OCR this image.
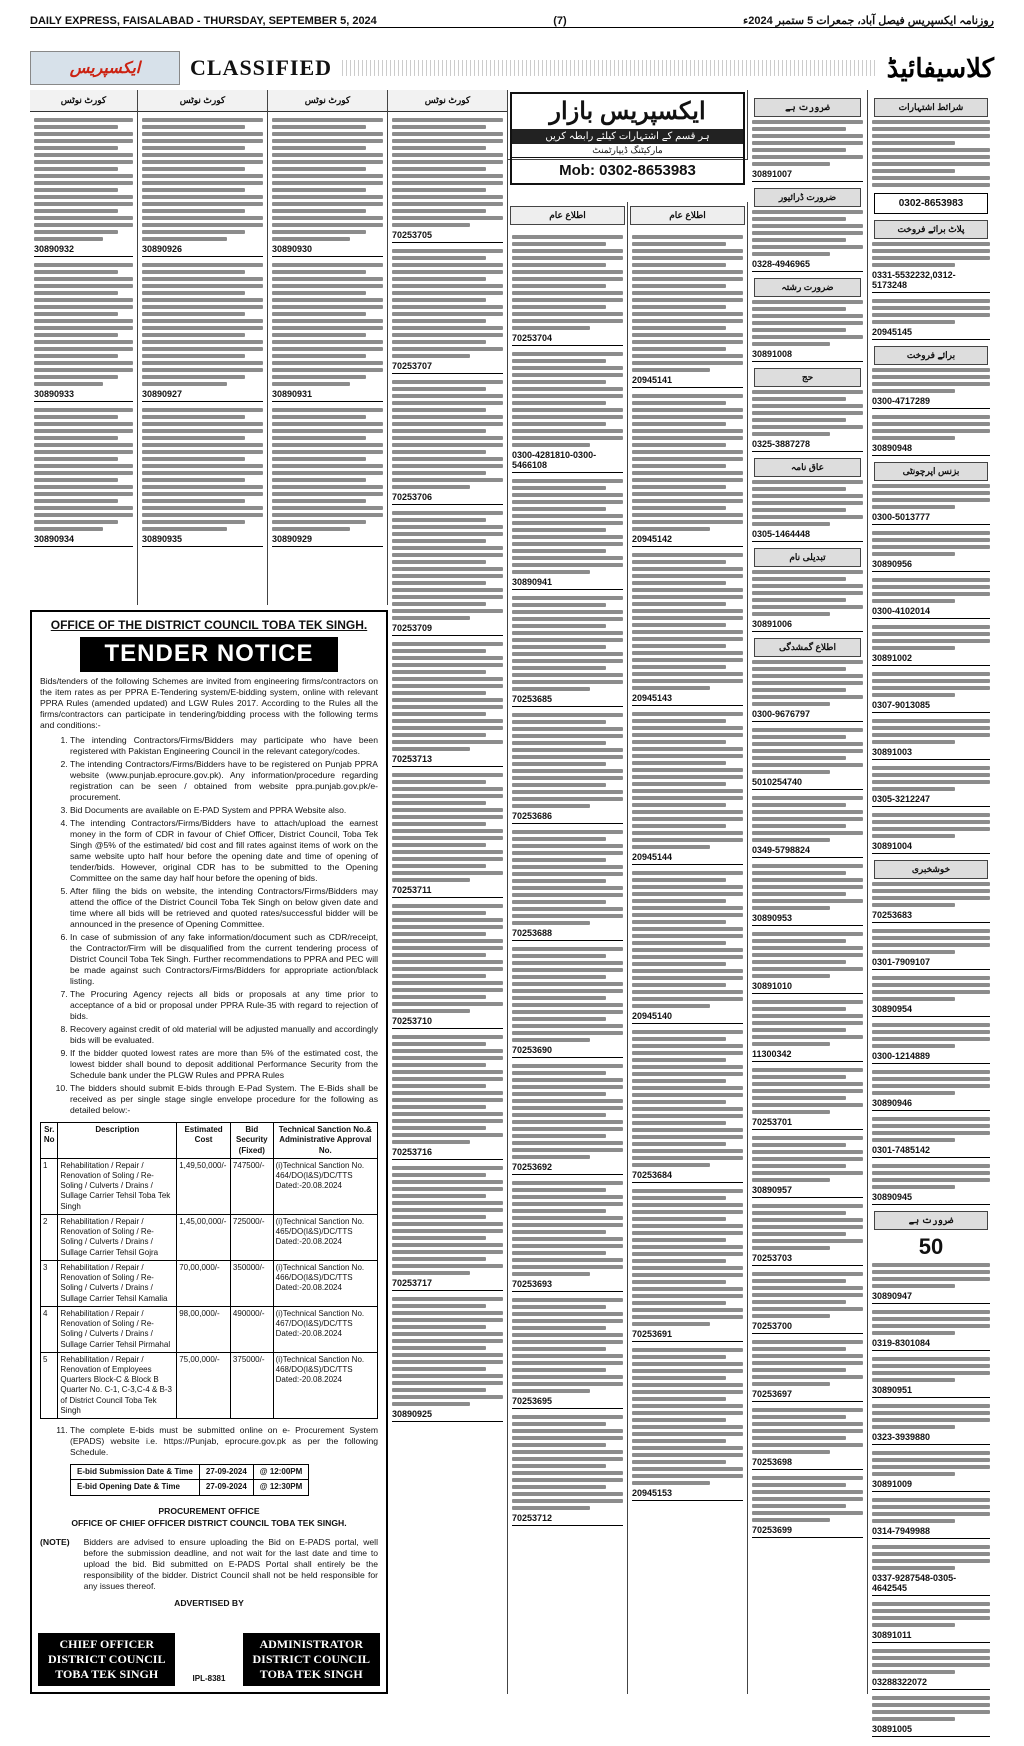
DAILY EXPRESS, FAISALABAD - THURSDAY, SEPTEMBER 5, 2024	(7)	روزنامہ ایکسپریس فیصل آباد، جمعرات 5 ستمبر 2024ء
ایکسپریس	CLASSIFIED	کلاسیفائیڈ
کورٹ نوٹس
30890932
30890933
30890934
کورٹ نوٹس
30890926
30890927
30890935
کورٹ نوٹس
30890930
30890931
30890929
کورٹ نوٹس
70253705
70253707
70253706
70253709
70253713
70253711
70253710
70253716
70253717
30890925
ایکسپریس بازار
ہر قسم کے اشتہارات کیلئے رابطہ کریں
مارکیٹنگ ڈیپارٹمنٹ
Mob: 0302-8653983
اطلاع عام
70253704
0300-4281810-0300-5466108
30890941
70253685
70253686
70253688
70253690
70253692
70253693
70253695
70253712
اطلاع عام
20945141
20945142
20945143
20945144
20945140
70253684
70253691
20945153
ضرورت ہے
30891007
ضرورت ڈرائیور
0328-4946965
ضرورت رشتہ
30891008
حج
0325-3887278
عاق نامہ
0305-1464448
تبدیلی نام
30891006
اطلاع گمشدگی
0300-9676797
5010254740
0349-5798824
30890953
30891010
11300342
70253701
30890957
70253703
70253700
70253697
70253698
70253699
شرائط اشتہارات
0302-8653983
پلاٹ برائے فروخت
0331-5532232,0312-5173248
20945145
برائے فروخت
0300-4717289
30890948
بزنس اپرچونٹی
0300-5013777
30890956
0300-4102014
30891002
0307-9013085
30891003
0305-3212247
30891004
خوشخبری
70253683
0301-7909107
30890954
0300-1214889
30890946
0301-7485142
30890945
ضرورت ہے
50
30890947
0319-8301084
30890951
0323-3939880
30891009
0314-7949988
0337-9287548-0305-4642545
30891011
03288322072
30891005
OFFICE OF THE DISTRICT COUNCIL TOBA TEK SINGH.
TENDER NOTICE

Bids/tenders of the following Schemes are invited from engineering firms/contractors on the item rates as per PPRA E-Tendering system/E-bidding system, online with relevant PPRA Rules (amended updated) and LGW Rules 2017. According to the Rules all the firms/contractors can participate in tendering/bidding process with the following terms and conditions:-

1. The intending Contractors/Firms/Bidders may participate who have been registered with Pakistan Engineering Council in the relevant category/codes.
2. The intending Contractors/Firms/Bidders have to be registered on Punjab PPRA website (www.punjab.eprocure.gov.pk). Any information/procedure regarding registration can be seen / obtained from website ppra.punjab.gov.pk/e-procurement.
3. Bid Documents are available on E-PAD System and PPRA Website also.
4. The intending Contractors/Firms/Bidders have to attach/upload the earnest money in the form of CDR in favour of Chief Officer, District Council, Toba Tek Singh @5% of the estimated/ bid cost and fill rates against items of work on the same website upto half hour before the opening date and time of opening of tender/bids. However, original CDR has to be submitted to the Opening Committee on the same day half hour before the opening of bids.
5. After filing the bids on website, the intending Contractors/Firms/Bidders may attend the office of the District Council Toba Tek Singh on below given date and time where all bids will be retrieved and quoted rates/successful bidder will be announced in the presence of Opening Committee.
6. In case of submission of any fake information/document such as CDR/receipt, the Contractor/Firm will be disqualified from the current tendering process of District Council Toba Tek Singh. Further recommendations to PPRA and PEC will be made against such Contractors/Firms/Bidders for appropriate action/black listing.
7. The Procuring Agency rejects all bids or proposals at any time prior to acceptance of a bid or proposal under PPRA Rule-35 with regard to rejection of bids.
8. Recovery against credit of old material will be adjusted manually and accordingly bids will be evaluated.
9. If the bidder quoted lowest rates are more than 5% of the estimated cost, the lowest bidder shall bound to deposit additional Performance Security from the Schedule bank under the PLGW Rules and PPRA Rules
10. The bidders should submit E-bids through E-Pad System. The E-Bids shall be received as per single stage single envelope procedure for the following as detailed below:-
Sr. No	Description	Estimated Cost	Bid Security (Fixed)	Technical Sanction No.& Administrative Approval No.
1	Rehabilitation / Repair / Renovation of Soling / Re-Soling / Culverts / Drains / Sullage Carrier Tehsil Toba Tek Singh	1,49,50,000/-	747500/-	(i)Technical Sanction No. 464/DO(I&S)/DC/TTS Dated:-20.08.2024
2	Rehabilitation / Repair / Renovation of Soling / Re-Soling / Culverts / Drains / Sullage Carrier Tehsil Gojra	1,45,00,000/-	725000/-	(i)Technical Sanction No. 465/DO(I&S)/DC/TTS Dated:-20.08.2024
3	Rehabilitation / Repair / Renovation of Soling / Re-Soling / Culverts / Drains / Sullage Carrier Tehsil Kamalia	70,00,000/-	350000/-	(i)Technical Sanction No. 466/DO(I&S)/DC/TTS Dated:-20.08.2024
4	Rehabilitation / Repair / Renovation of Soling / Re-Soling / Culverts / Drains / Sullage Carrier Tehsil Pirmahal	98,00,000/-	490000/-	(i)Technical Sanction No. 467/DO(I&S)/DC/TTS Dated:-20.08.2024
5	Rehabilitation / Repair / Renovation of Employees Quarters Block-C & Block B Quarter No. C-1, C-3,C-4 & B-3 of District Council Toba Tek Singh	75,00,000/-	375000/-	(i)Technical Sanction No. 468/DO(I&S)/DC/TTS Dated:-20.08.2024
11. The complete E-bids must be submitted online on e- Procurement System (EPADS) website i.e. https://Punjab, eprocure.gov.pk as per the following Schedule.
E-bid Submission Date & Time	27-09-2024	@ 12:00PM
E-bid Opening Date & Time	27-09-2024	@ 12:30PM
PROCUREMENT OFFICE
OFFICE OF CHIEF OFFICER DISTRICT COUNCIL TOBA TEK SINGH.
(NOTE) Bidders are advised to ensure uploading the Bid on E-PADS portal, well before the submission deadline, and not wait for the last date and time to upload the bid. Bid submitted on E-PADS Portal shall entirely be the responsibility of the bidder. District Council shall not be held responsible for any issues thereof.
ADVERTISED BY
CHIEF OFFICER
DISTRICT COUNCIL
TOBA TEK SINGH	IPL-8381
ADMINISTRATOR
DISTRICT COUNCIL
TOBA TEK SINGH
